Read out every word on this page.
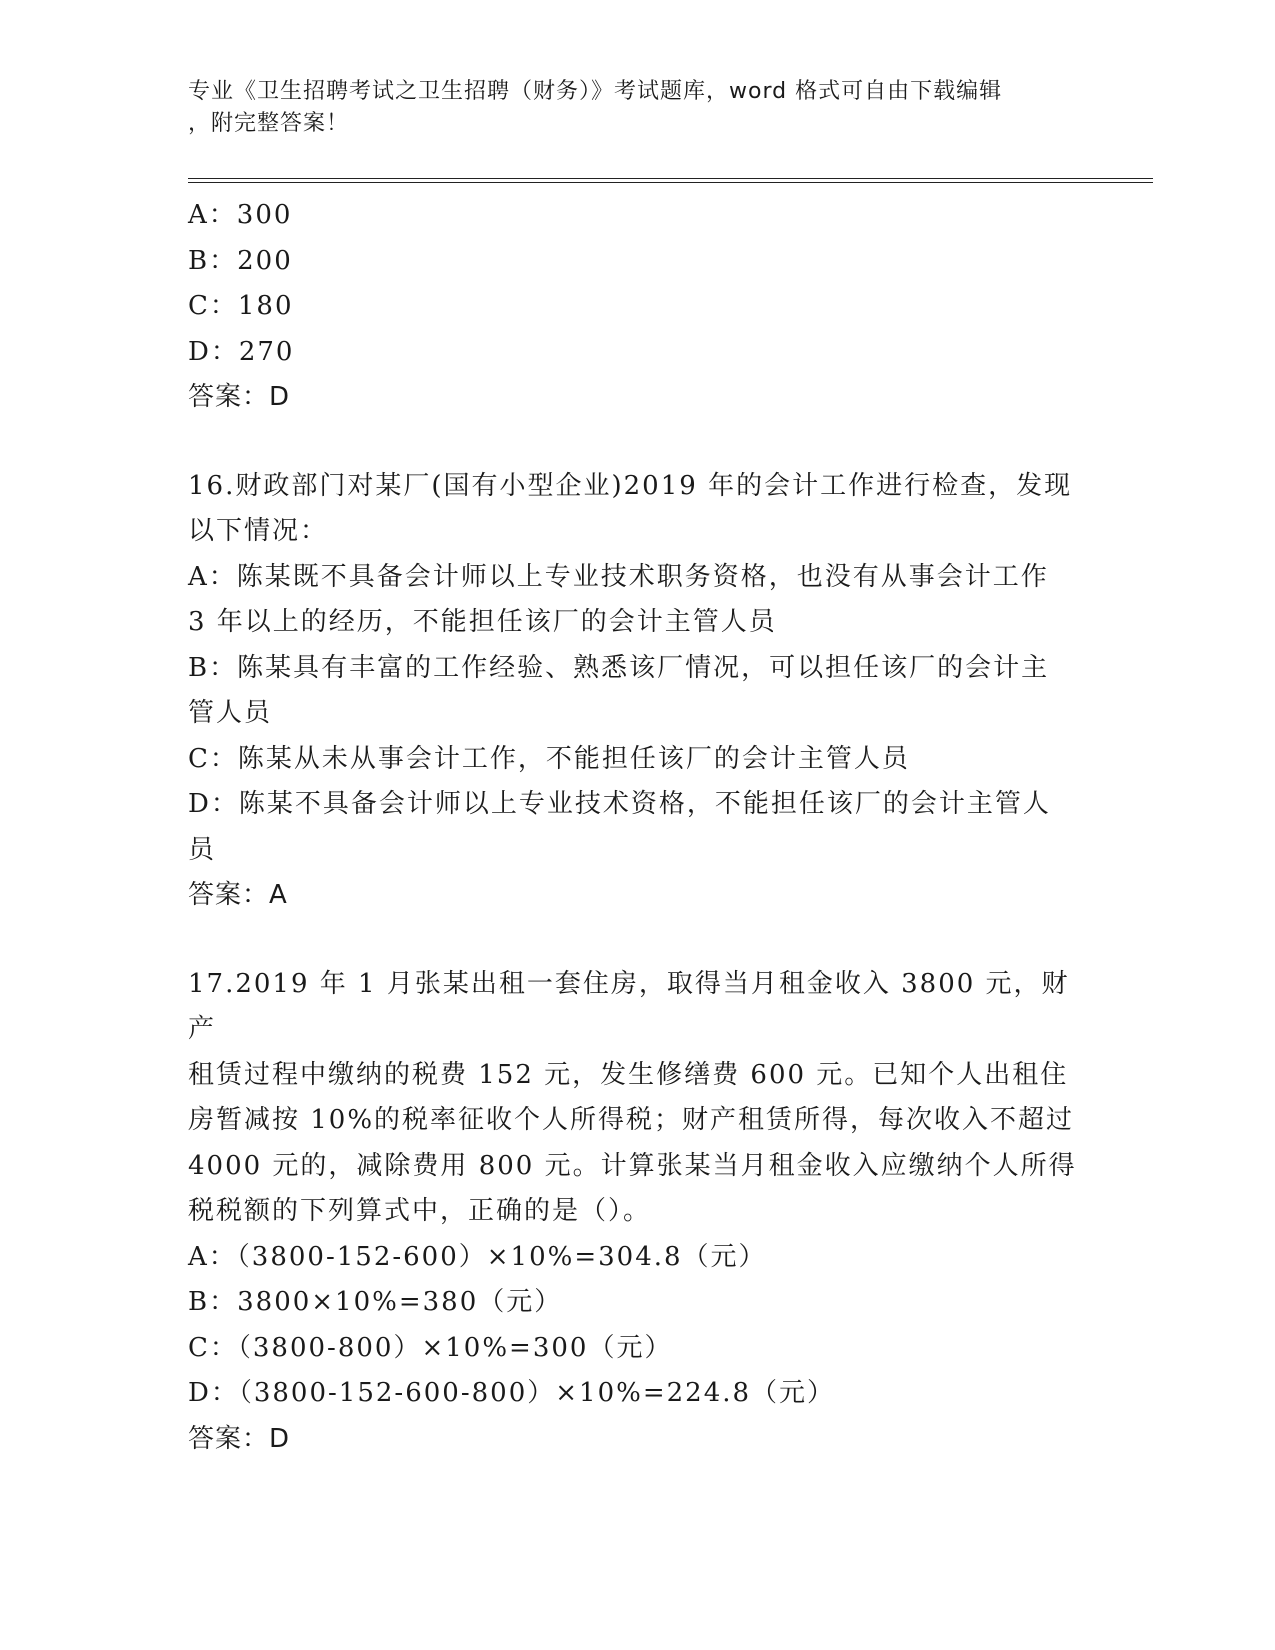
专业《卫生招聘考试之卫生招聘（财务）》考试题库，word 格式可自由下载编辑
，附完整答案！
A：300
B：200
C：180
D：270
答案：D
16.财政部门对某厂(国有小型企业)2019 年的会计工作进行检查，发现
以下情况：
A：陈某既不具备会计师以上专业技术职务资格，也没有从事会计工作
3 年以上的经历，不能担任该厂的会计主管人员
B：陈某具有丰富的工作经验、熟悉该厂情况，可以担任该厂的会计主
管人员
C：陈某从未从事会计工作，不能担任该厂的会计主管人员
D：陈某不具备会计师以上专业技术资格，不能担任该厂的会计主管人
员
答案：A
17.2019 年 1 月张某出租一套住房，取得当月租金收入 3800 元，财产
租赁过程中缴纳的税费 152 元，发生修缮费 600 元。已知个人出租住
房暂减按 10%的税率征收个人所得税；财产租赁所得，每次收入不超过
4000 元的，减除费用 800 元。计算张某当月租金收入应缴纳个人所得
税税额的下列算式中，正确的是（）。
A：（3800-152-600）×10%=304.8（元）
B：3800×10%=380（元）
C：（3800-800）×10%=300（元）
D：（3800-152-600-800）×10%=224.8（元）
答案：D
